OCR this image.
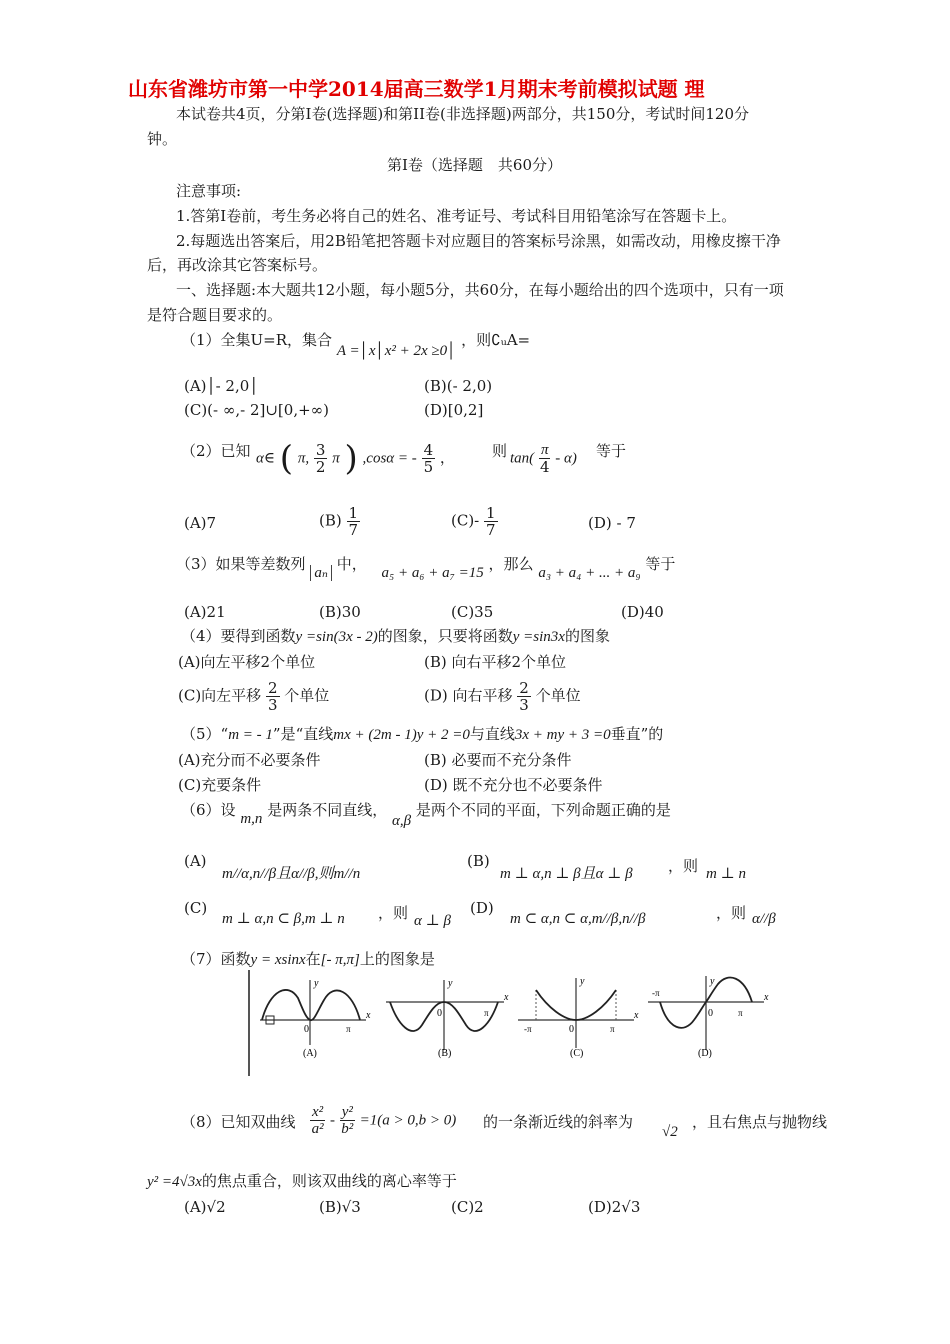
山东省潍坊市第一中学2014届高三数学1月期末考前模拟试题 理
本试卷共4页，分第I卷(选择题)和第II卷(非选择题)两部分，共150分，考试时间120分
钟。
第I卷（选择题　共60分）
注意事项:
1.答第I卷前，考生务必将自己的姓名、准考证号、考试科目用铅笔涂写在答题卡上。
2.每题选出答案后，用2B铅笔把答题卡对应题目的答案标号涂黑，如需改动，用橡皮擦干净
后，再改涂其它答案标号。
一、选择题:本大题共12小题，每小题5分，共60分，在每小题给出的四个选项中，只有一项
是符合题目要求的。
（1）全集U=R，集合 A =│x│x² + 2x ≥0│ ，则∁ᵤA=
(A)│- 2,0│	(B)(- 2,0)
(C)(- ∞,- 2]∪[0,+∞)	(D)[0,2]
（2）已知 α∈ ( π, $\frac{3}{2}$ π ) ,cosα = - $\frac{4}{5}$ ， 则 $\tan( \frac{\pi}{4} - \alpha)$ 等于
(A)7	$(B) \frac{1}{7}$	$(C)- \frac{1}{7}$	(D) - 7
（3）如果等差数列 aₙ 中， a₅ + a₆ + a₇ =15 ，那么 a₃ + a₄ + ... + a₉ 等于
(A)21	(B)30	(C)35	(D)40
（4）要得到函数y =sin(3x - 2)的图象，只要将函数y =sin3x的图象
(A)向左平移2个单位	(B) 向右平移2个单位
(C)向左平移 $\frac{2}{3}$ 个单位	(D) 向右平移 $\frac{2}{3}$ 个单位
（5）“m = - 1”是“直线mx + (2m - 1)y + 2 =0与直线3x + my + 3 =0垂直”的
(A)充分而不必要条件	(B) 必要而不充分条件
(C)充要条件	(D) 既不充分也不必要条件
（6）设 m,n 是两条不同直线， α,β 是两个不同的平面，下列命题正确的是
(A)
m//α,n//β且α//β,则m//n
(B)
m ⊥ α,n ⊥ β且α ⊥ β ，则 m ⊥ n
(C)
m ⊥ α,n ⊂ β,m ⊥ n ，则 α ⊥ β
(D)
m ⊂ α,n ⊂ α,m//β,n//β	，则 α//β
（7）函数y = xsinx在[- π,π]上的图象是
y
x
0	π
(A)
y
x
0	π
(B)
y
x
0
-π	π
(C)
y
x
0
-π
π
(D)
（8）已知双曲线 $\frac{\text{x²}}{\text{a²}} - \frac{\text{y²}}{\text{b²}} =1(a > 0,b > 0)$ 的一条渐近线的斜率为
√2
，且右焦点与抛物线
y² =4√3x的焦点重合，则该双曲线的离心率等于
(A)√2	(B)√3	(C)2	(D)2√3
